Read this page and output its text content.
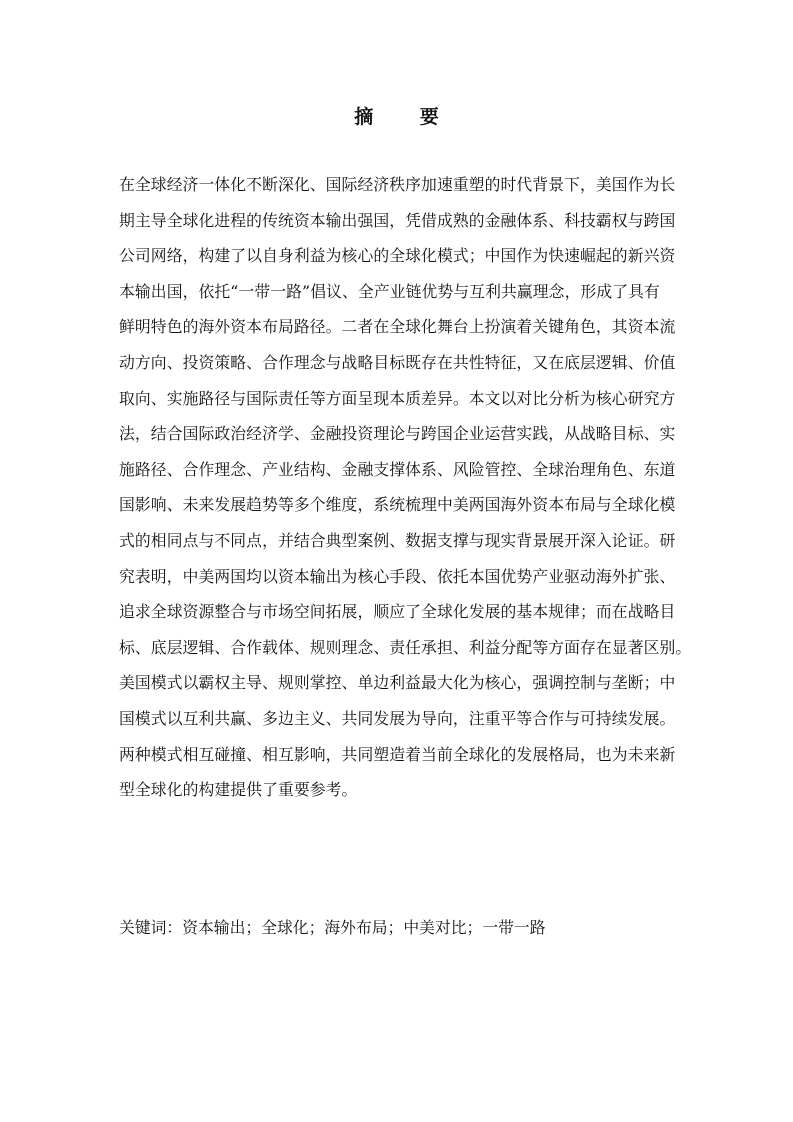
摘 要
在全球经济一体化不断深化、国际经济秩序加速重塑的时代背景下，美国作为长
期主导全球化进程的传统资本输出强国，凭借成熟的金融体系、科技霸权与跨国
公司网络，构建了以自身利益为核心的全球化模式；中国作为快速崛起的新兴资
本输出国，依托“一带一路”倡议、全产业链优势与互利共赢理念，形成了具有
鲜明特色的海外资本布局路径。二者在全球化舞台上扮演着关键角色，其资本流
动方向、投资策略、合作理念与战略目标既存在共性特征，又在底层逻辑、价值
取向、实施路径与国际责任等方面呈现本质差异。本文以对比分析为核心研究方
法，结合国际政治经济学、金融投资理论与跨国企业运营实践，从战略目标、实
施路径、合作理念、产业结构、金融支撑体系、风险管控、全球治理角色、东道
国影响、未来发展趋势等多个维度，系统梳理中美两国海外资本布局与全球化模
式的相同点与不同点，并结合典型案例、数据支撑与现实背景展开深入论证。研
究表明，中美两国均以资本输出为核心手段、依托本国优势产业驱动海外扩张、
追求全球资源整合与市场空间拓展，顺应了全球化发展的基本规律；而在战略目
标、底层逻辑、合作载体、规则理念、责任承担、利益分配等方面存在显著区别。
美国模式以霸权主导、规则掌控、单边利益最大化为核心，强调控制与垄断；中
国模式以互利共赢、多边主义、共同发展为导向，注重平等合作与可持续发展。
两种模式相互碰撞、相互影响，共同塑造着当前全球化的发展格局，也为未来新
型全球化的构建提供了重要参考。
关键词：资本输出；全球化；海外布局；中美对比；一带一路
